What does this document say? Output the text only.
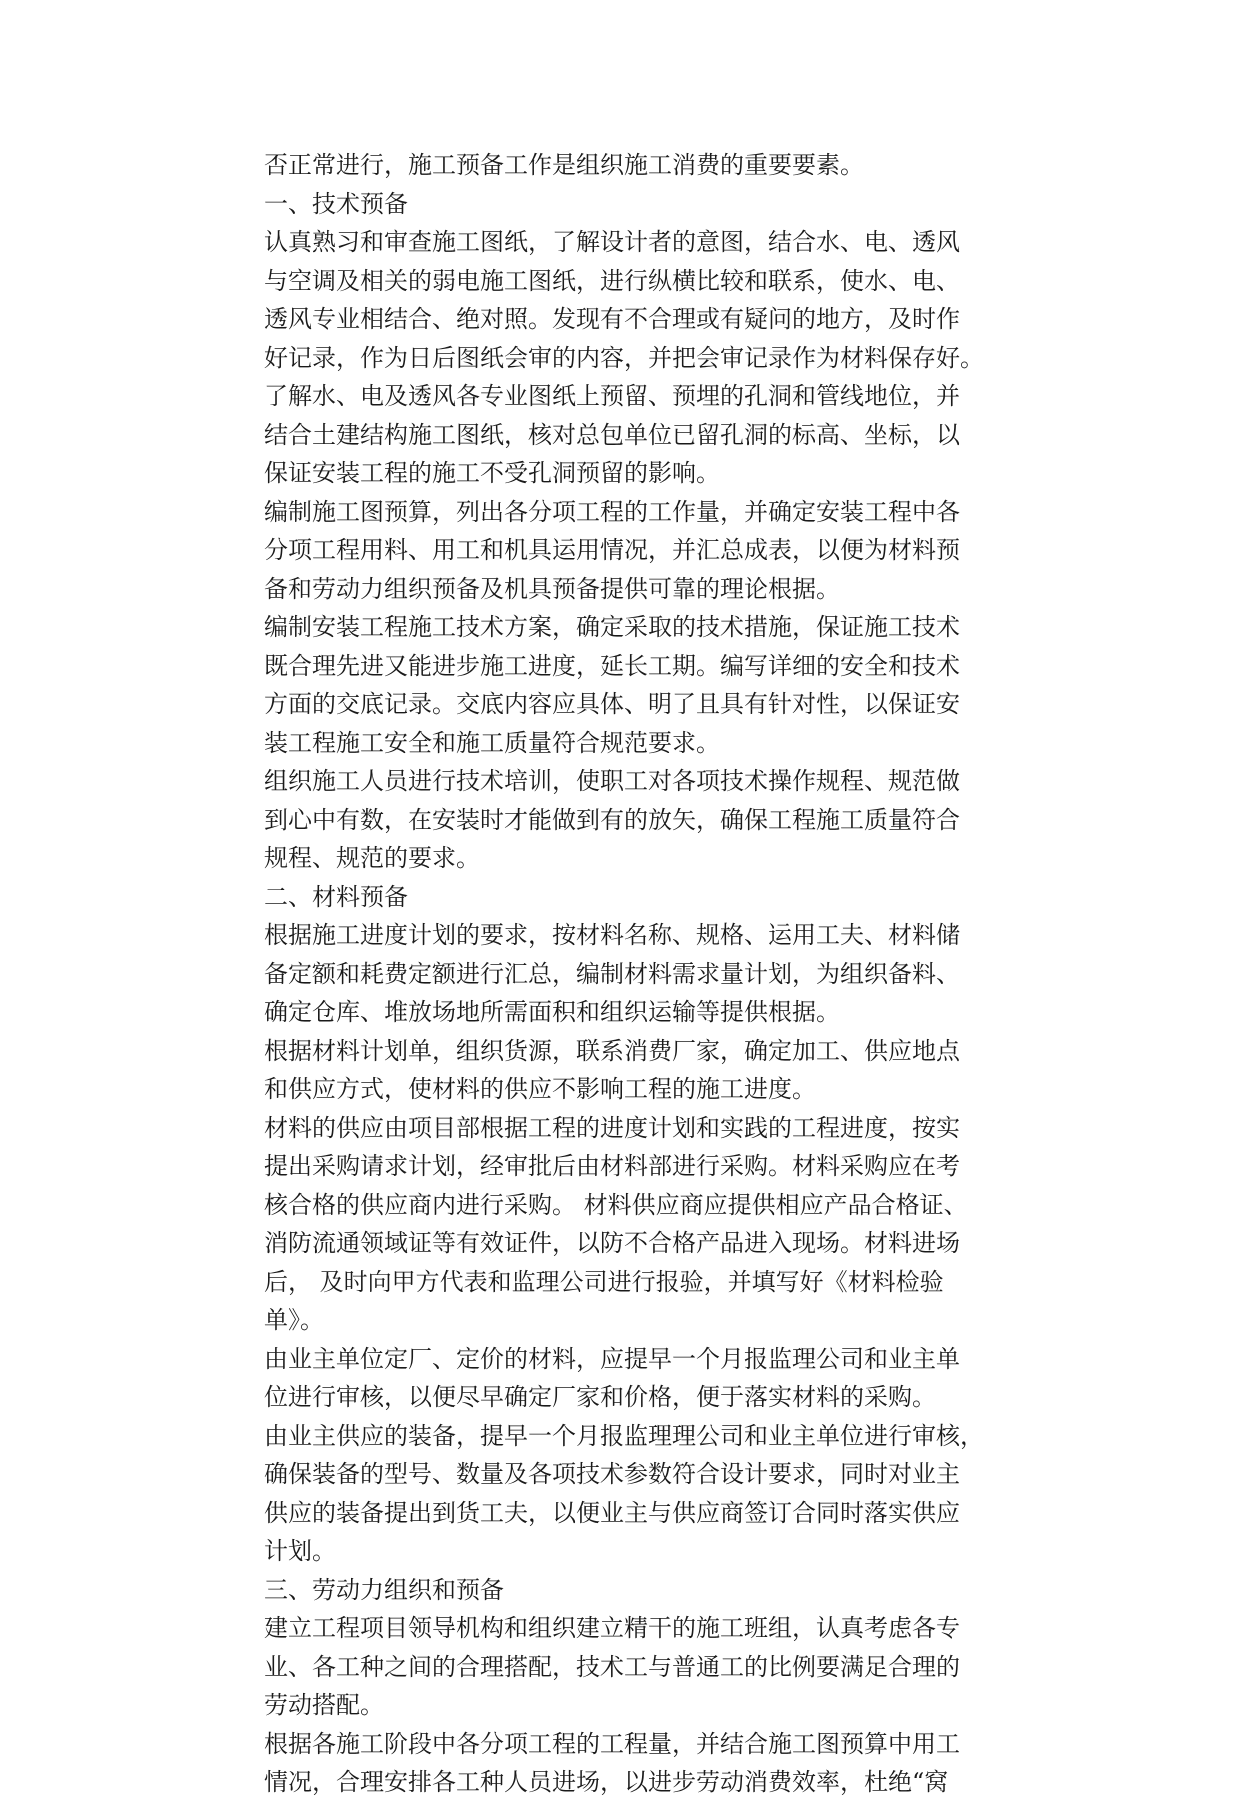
否正常进行，施工预备工作是组织施工消费的重要要素。
一、技术预备
认真熟习和审查施工图纸，了解设计者的意图，结合水、电、透风
与空调及相关的弱电施工图纸，进行纵横比较和联系，使水、电、
透风专业相结合、绝对照。发现有不合理或有疑问的地方，及时作
好记录，作为日后图纸会审的内容，并把会审记录作为材料保存好。
了解水、电及透风各专业图纸上预留、预埋的孔洞和管线地位，并
结合土建结构施工图纸，核对总包单位已留孔洞的标高、坐标，以
保证安装工程的施工不受孔洞预留的影响。
编制施工图预算，列出各分项工程的工作量，并确定安装工程中各
分项工程用料、用工和机具运用情况，并汇总成表，以便为材料预
备和劳动力组织预备及机具预备提供可靠的理论根据。
编制安装工程施工技术方案，确定采取的技术措施，保证施工技术
既合理先进又能进步施工进度，延长工期。编写详细的安全和技术
方面的交底记录。交底内容应具体、明了且具有针对性，以保证安
装工程施工安全和施工质量符合规范要求。
组织施工人员进行技术培训，使职工对各项技术操作规程、规范做
到心中有数，在安装时才能做到有的放矢，确保工程施工质量符合
规程、规范的要求。
二、材料预备
根据施工进度计划的要求，按材料名称、规格、运用工夫、材料储
备定额和耗费定额进行汇总，编制材料需求量计划，为组织备料、
确定仓库、堆放场地所需面积和组织运输等提供根据。
根据材料计划单，组织货源，联系消费厂家，确定加工、供应地点
和供应方式，使材料的供应不影响工程的施工进度。
材料的供应由项目部根据工程的进度计划和实践的工程进度，按实
提出采购请求计划，经审批后由材料部进行采购。材料采购应在考
核合格的供应商内进行采购。 材料供应商应提供相应产品合格证、
消防流通领域证等有效证件，以防不合格产品进入现场。材料进场
后， 及时向甲方代表和监理公司进行报验，并填写好《材料检验
单》。
由业主单位定厂、定价的材料，应提早一个月报监理公司和业主单
位进行审核，以便尽早确定厂家和价格，便于落实材料的采购。
由业主供应的装备，提早一个月报监理理公司和业主单位进行审核，
确保装备的型号、数量及各项技术参数符合设计要求，同时对业主
供应的装备提出到货工夫，以便业主与供应商签订合同时落实供应
计划。
三、劳动力组织和预备
建立工程项目领导机构和组织建立精干的施工班组，认真考虑各专
业、各工种之间的合理搭配，技术工与普通工的比例要满足合理的
劳动搭配。
根据各施工阶段中各分项工程的工程量，并结合施工图预算中用工
情况，合理安排各工种人员进场，以进步劳动消费效率，杜绝“窝
